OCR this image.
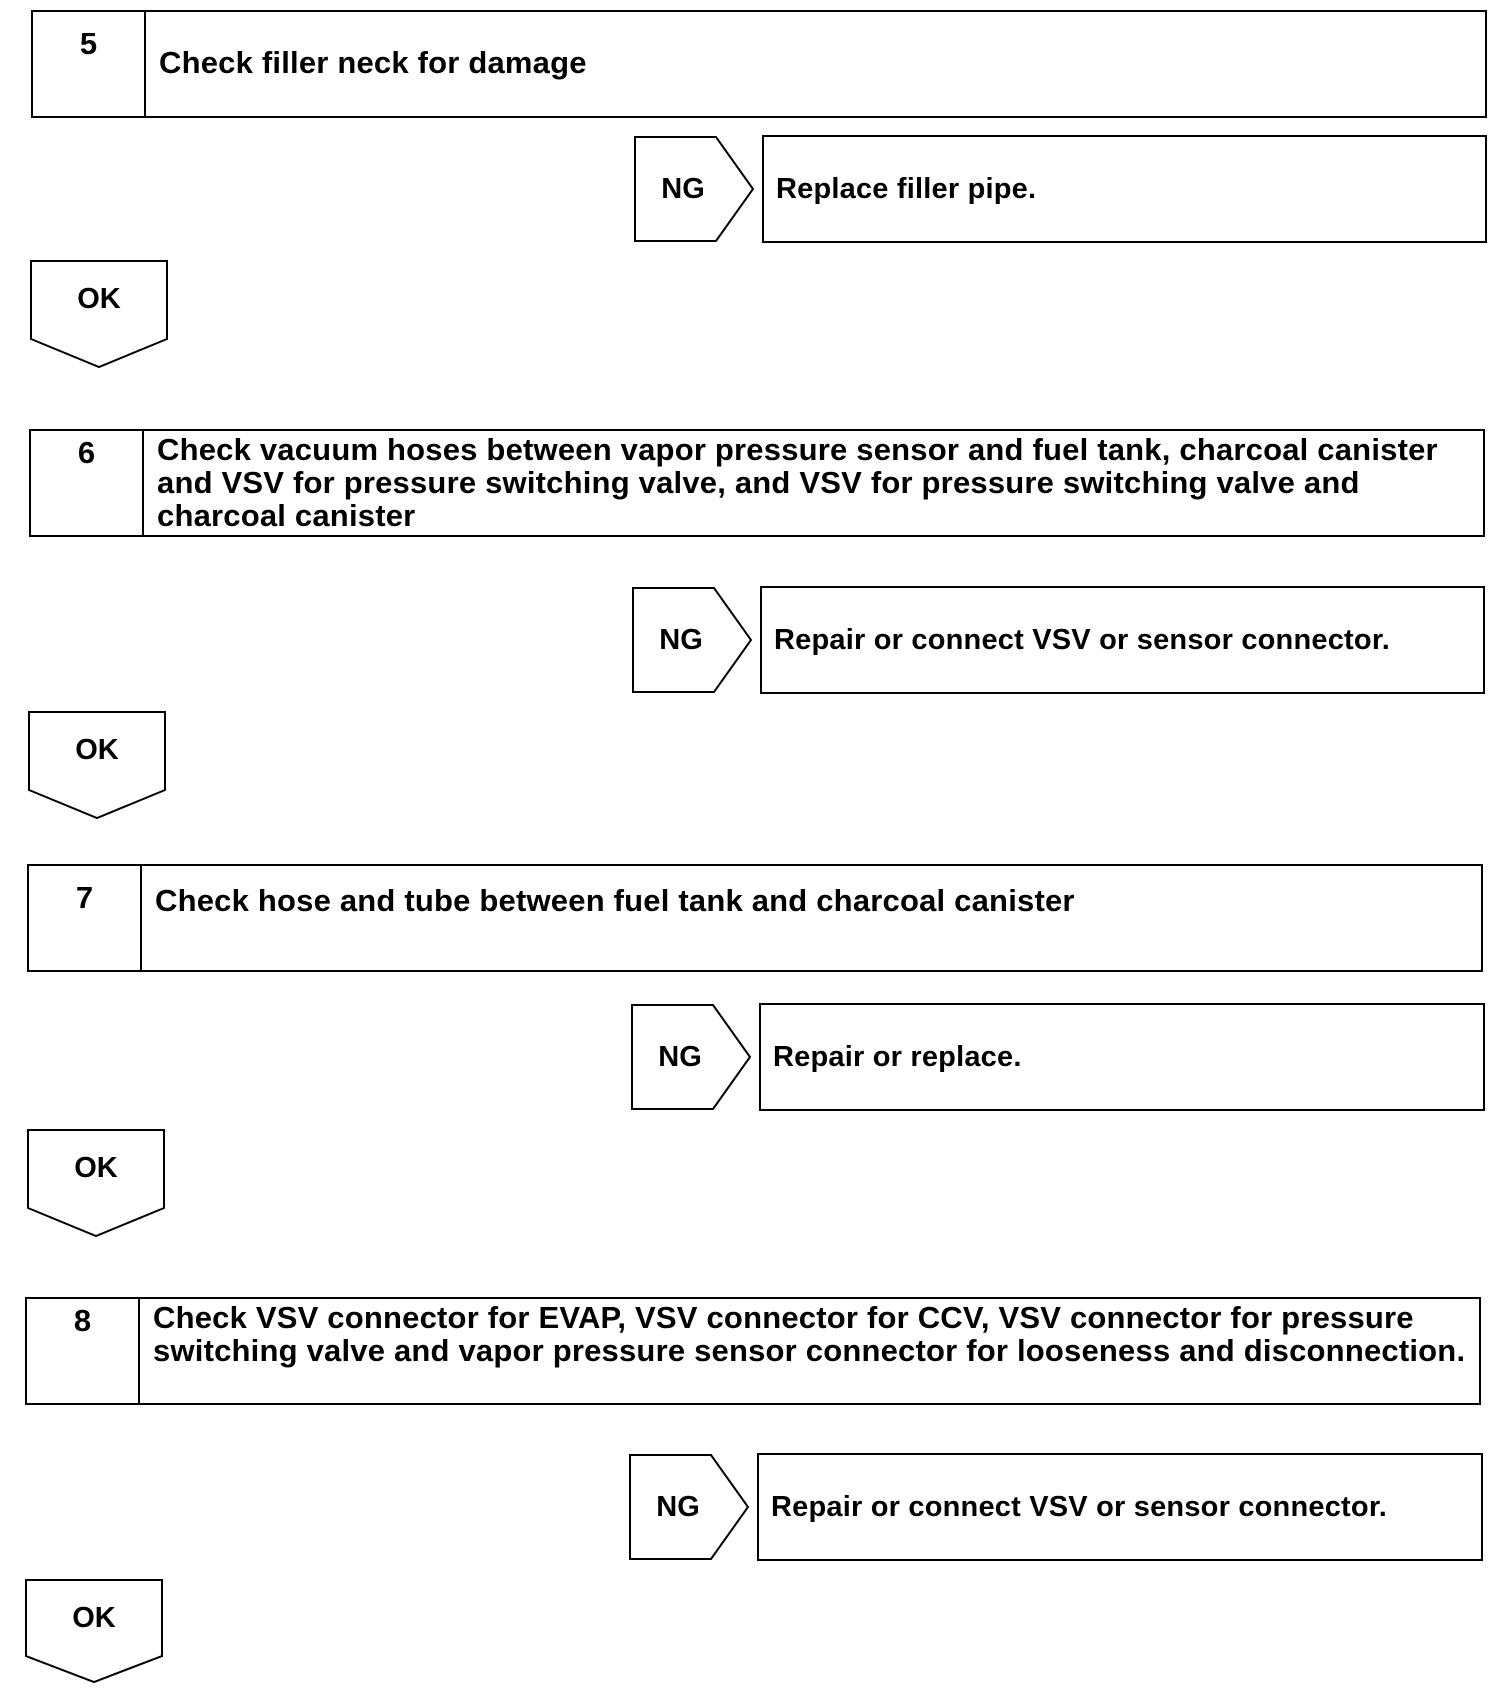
5
Check filler neck for damage
NG	Replace filler pipe.
OK
6	Check vacuum hoses between vapor pressure sensor and fuel tank, charcoal canister and VSV for pressure switching valve, and VSV for pressure switching valve and charcoal canister
NG	Repair or connect VSV or sensor connector.
OK
7	Check hose and tube between fuel tank and charcoal canister
NG	Repair or replace.
OK
8	Check VSV connector for EVAP, VSV connector for CCV, VSV connector for pressure switching valve and vapor pressure sensor connector for looseness and disconnection.
NG	Repair or connect VSV or sensor connector.
OK
